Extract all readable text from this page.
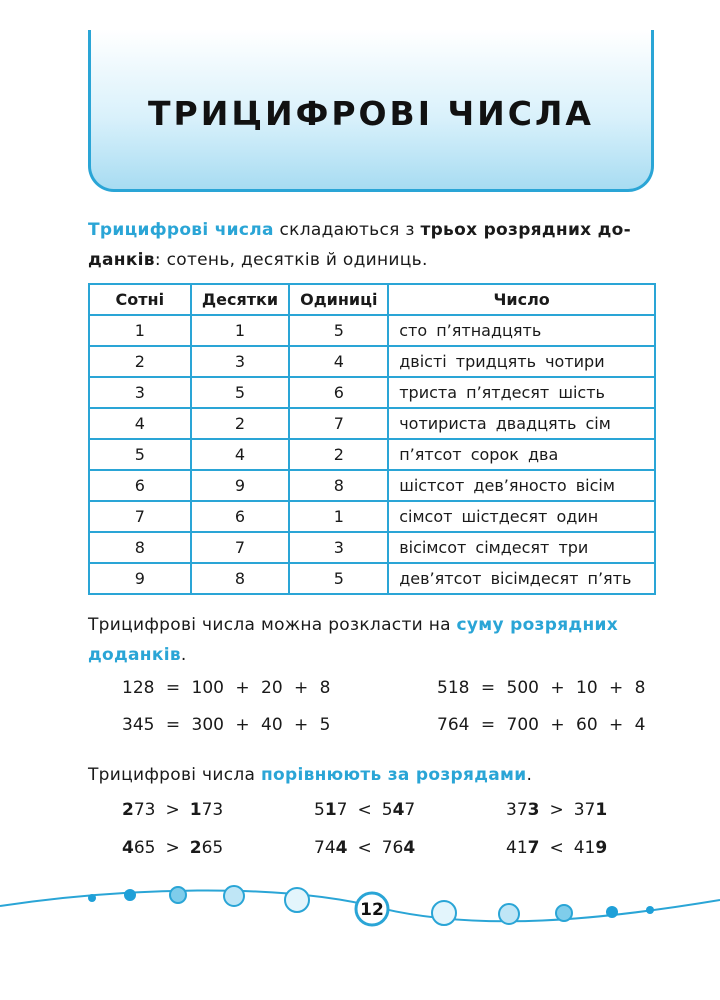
ТРИЦИФРОВІ ЧИСЛА
Трицифрові числа складаються з трьох розрядних до-
данків: сотень, десятків й одиниць.
Сотні	Десятки	Одиниці	Число
1	1	5	сто п’ятнадцять
2	3	4	двісті тридцять чотири
3	5	6	триста п’ятдесят шість
4	2	7	чотириста двадцять сім
5	4	2	п’ятсот сорок два
6	9	8	шістсот дев’яносто вісім
7	6	1	сімсот шістдесят один
8	7	3	вісімсот сімдесят три
9	8	5	дев’ятсот вісімдесят п’ять
Трицифрові числа можна розкласти на суму розрядних
доданків.
128 = 100 + 20 + 8	518 = 500 + 10 + 8
345 = 300 + 40 + 5	764 = 700 + 60 + 4
Трицифрові числа порівнюють за розрядами.
273 > 173	517 < 547	373 > 371
465 > 265	744 < 764	417 < 419
12
